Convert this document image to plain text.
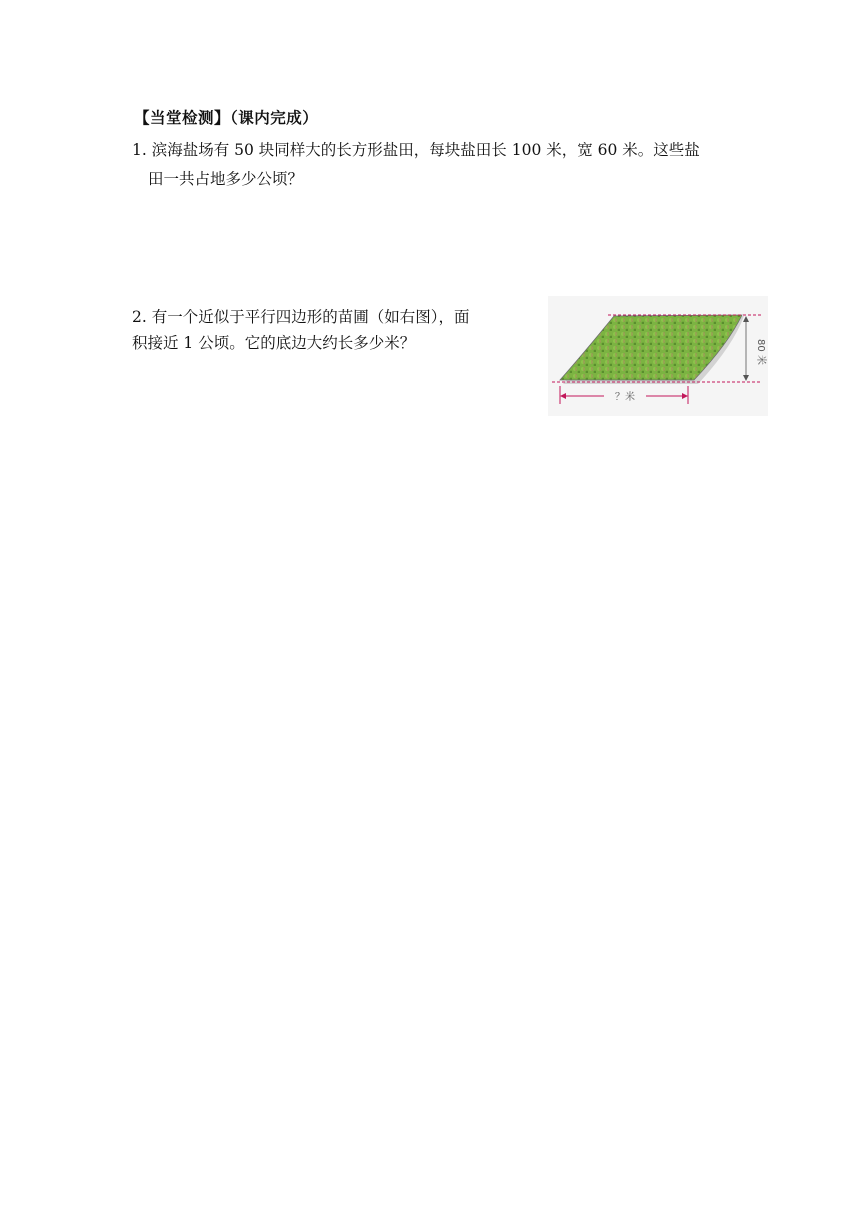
【当堂检测】（课内完成）
1. 滨海盐场有 50 块同样大的长方形盐田，每块盐田长 100 米，宽 60 米。这些盐
田一共占地多少公顷？
2. 有一个近似于平行四边形的苗圃（如右图），面
积接近 1 公顷。它的底边大约长多少米？	80 米
？米
